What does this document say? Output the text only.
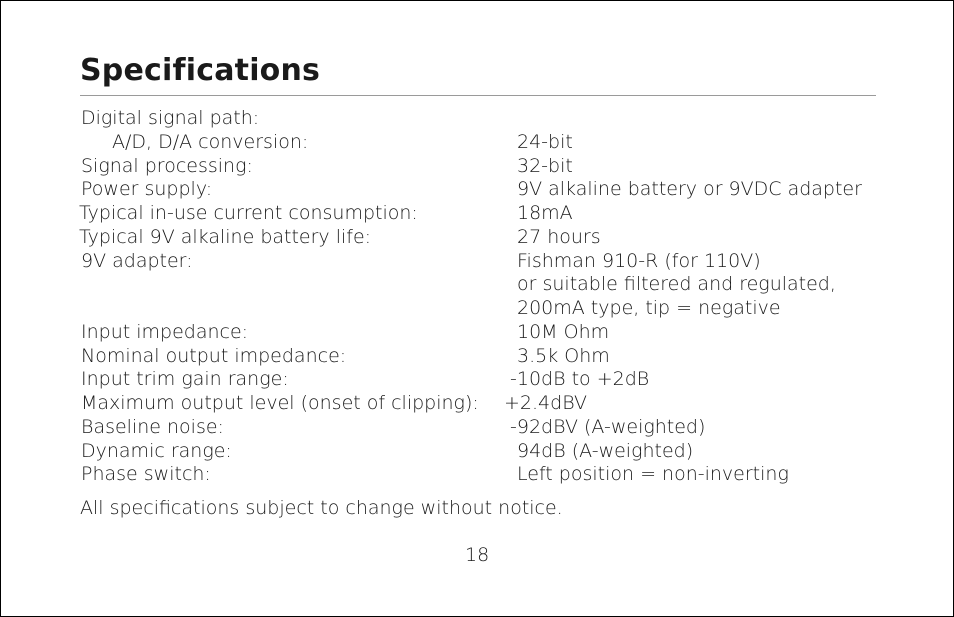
Specifications
Digital signal path:
A/D, D/A conversion:	24-bit
Signal processing:	32-bit
Power supply:	9V alkaline battery or 9VDC adapter
Typical in-use current consumption:	18mA
Typical 9V alkaline battery life:	27 hours
9V adapter:	Fishman 910-R (for 110V)
or suitable filtered and regulated,
200mA type, tip = negative
Input impedance:	10M Ohm
Nominal output impedance:	3.5k Ohm
Input trim gain range:	-10dB to +2dB
Maximum output level (onset of clipping): +2.4dBV
Baseline noise:	-92dBV (A-weighted)
Dynamic range:	94dB (A-weighted)
Phase switch:	Left position = non-inverting
All specifications subject to change without notice.
18
